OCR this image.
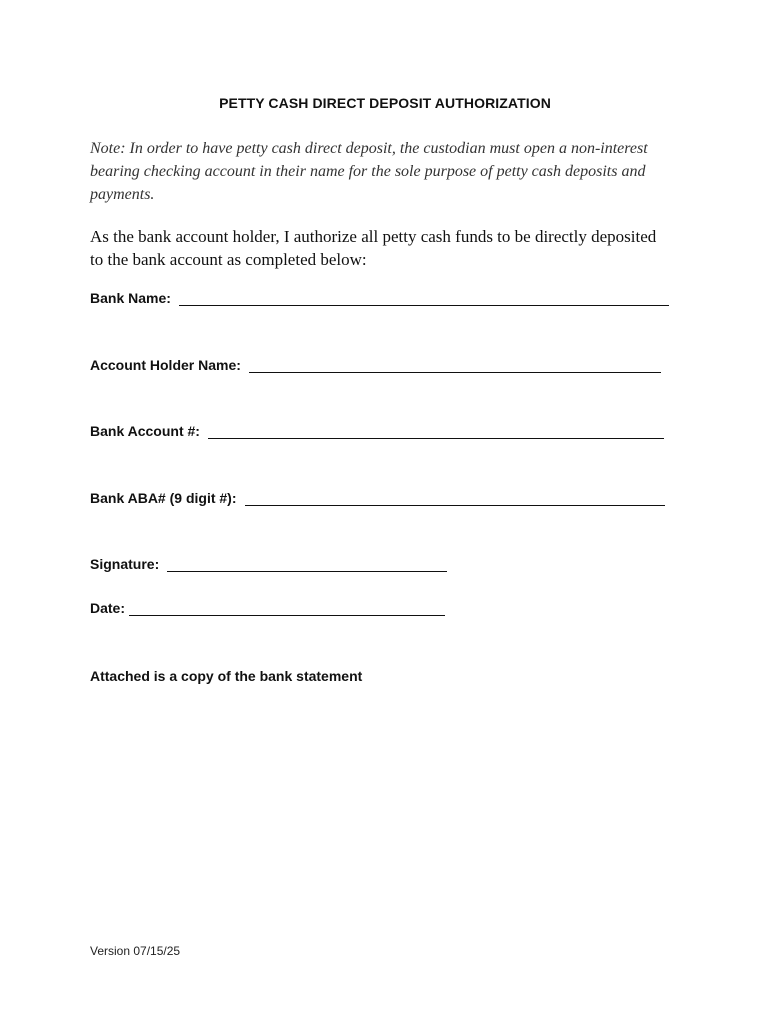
PETTY CASH DIRECT DEPOSIT AUTHORIZATION
Note: In order to have petty cash direct deposit, the custodian must open a non-interest bearing checking account in their name for the sole purpose of petty cash deposits and payments.
As the bank account holder, I authorize all petty cash funds to be directly deposited to the bank account as completed below:
Bank Name:
Account Holder Name:
Bank Account #:
Bank ABA# (9 digit #):
Signature:
Date:
Attached is a copy of the bank statement
Version 07/15/25
